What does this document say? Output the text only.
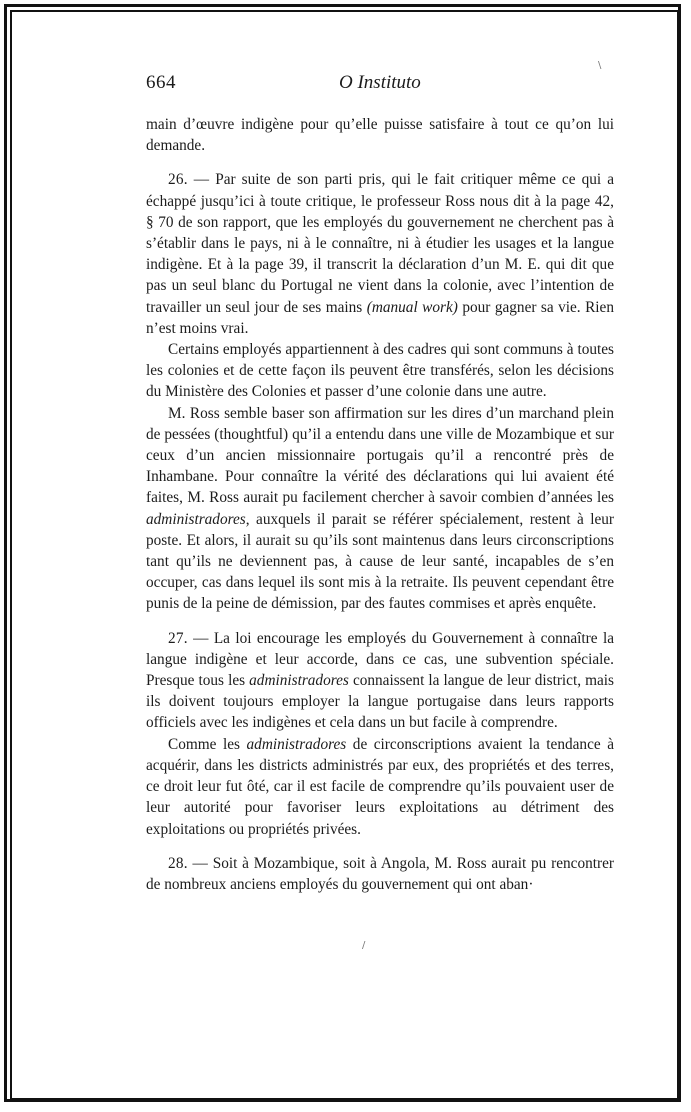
664	O Instituto

main d’œuvre indigène pour qu’elle puisse satisfaire à tout ce qu’on lui demande.

26. — Par suite de son parti pris, qui le fait critiquer même ce qui a échappé jusqu’ici à toute critique, le professeur Ross nous dit à la page 42, § 70 de son rapport, que les employés du gouvernement ne cherchent pas à s’établir dans le pays, ni à le connaître, ni à étudier les usages et la langue indigène. Et à la page 39, il transcrit la déclaration d’un M. E. qui dit que pas un seul blanc du Portugal ne vient dans la colonie, avec l’intention de travailler un seul jour de ses mains (manual work) pour gagner sa vie. Rien n’est moins vrai.

Certains employés appartiennent à des cadres qui sont communs à toutes les colonies et de cette façon ils peuvent être transférés, selon les décisions du Ministère des Colonies et passer d’une colonie dans une autre.

M. Ross semble baser son affirmation sur les dires d’un marchand plein de pessées (thoughtful) qu’il a entendu dans une ville de Mozambique et sur ceux d’un ancien missionnaire portugais qu’il a rencontré près de Inhambane. Pour connaître la vérité des déclarations qui lui avaient été faites, M. Ross aurait pu facilement chercher à savoir combien d’années les administradores, auxquels il parait se référer spécialement, restent à leur poste. Et alors, il aurait su qu’ils sont maintenus dans leurs circonscriptions tant qu’ils ne deviennent pas, à cause de leur santé, incapables de s’en occuper, cas dans lequel ils sont mis à la retraite. Ils peuvent cependant être punis de la peine de démission, par des fautes commises et après enquête.

27. — La loi encourage les employés du Gouvernement à connaître la langue indigène et leur accorde, dans ce cas, une subvention spéciale. Presque tous les administradores connaissent la langue de leur district, mais ils doivent toujours employer la langue portugaise dans leurs rapports officiels avec les indigènes et cela dans un but facile à comprendre.

Comme les administradores de circonscriptions avaient la tendance à acquérir, dans les districts administrés par eux, des propriétés et des terres, ce droit leur fut ôté, car il est facile de comprendre qu’ils pouvaient user de leur autorité pour favoriser leurs exploitations au détriment des exploitations ou propriétés privées.

28. — Soit à Mozambique, soit à Angola, M. Ross aurait pu rencontrer de nombreux anciens employés du gouvernement qui ont aban·

\
/
